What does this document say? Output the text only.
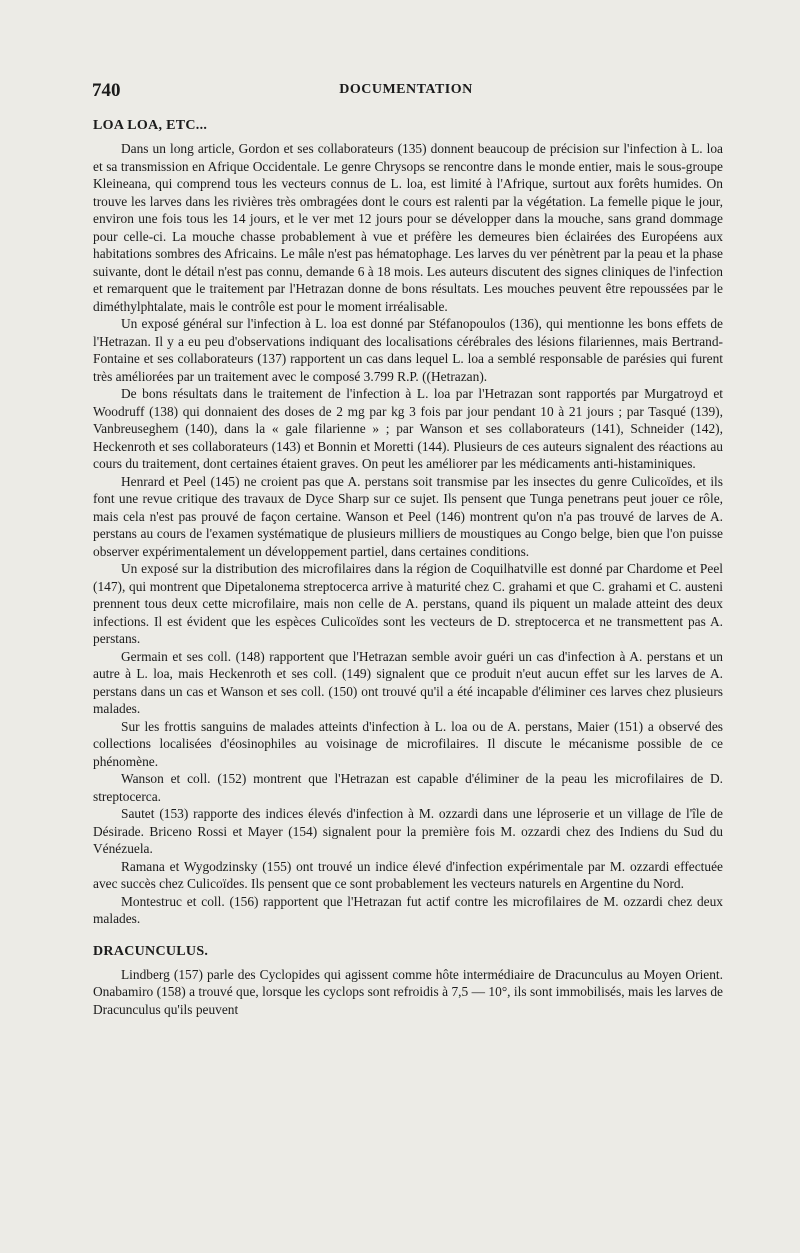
740	DOCUMENTATION
LOA LOA, ETC...

Dans un long article, Gordon et ses collaborateurs (135) donnent beaucoup de précision sur l'infection à L. loa et sa transmission en Afrique Occidentale. Le genre Chrysops se rencontre dans le monde entier, mais le sous-groupe Kleineana, qui comprend tous les vecteurs connus de L. loa, est limité à l'Afrique, surtout aux forêts humides. On trouve les larves dans les rivières très ombragées dont le cours est ralenti par la végétation. La femelle pique le jour, environ une fois tous les 14 jours, et le ver met 12 jours pour se développer dans la mouche, sans grand dommage pour celle-ci. La mouche chasse probablement à vue et préfère les demeures bien éclairées des Européens aux habitations sombres des Africains. Le mâle n'est pas hématophage. Les larves du ver pénètrent par la peau et la phase suivante, dont le détail n'est pas connu, demande 6 à 18 mois. Les auteurs discutent des signes cliniques de l'infection et remarquent que le traitement par l'Hetrazan donne de bons résultats. Les mouches peuvent être repoussées par le diméthylphtalate, mais le contrôle est pour le moment irréalisable.

Un exposé général sur l'infection à L. loa est donné par Stéfanopoulos (136), qui mentionne les bons effets de l'Hetrazan. Il y a eu peu d'observations indiquant des localisations cérébrales des lésions filariennes, mais Bertrand-Fontaine et ses collaborateurs (137) rapportent un cas dans lequel L. loa a semblé responsable de parésies qui furent très améliorées par un traitement avec le composé 3.799 R.P. ((Hetrazan).

De bons résultats dans le traitement de l'infection à L. loa par l'Hetrazan sont rapportés par Murgatroyd et Woodruff (138) qui donnaient des doses de 2 mg par kg 3 fois par jour pendant 10 à 21 jours ; par Tasqué (139), Vanbreuseghem (140), dans la « gale filarienne » ; par Wanson et ses collaborateurs (141), Schneider (142), Heckenroth et ses collaborateurs (143) et Bonnin et Moretti (144). Plusieurs de ces auteurs signalent des réactions au cours du traitement, dont certaines étaient graves. On peut les améliorer par les médicaments anti-histaminiques.

Henrard et Peel (145) ne croient pas que A. perstans soit transmise par les insectes du genre Culicoïdes, et ils font une revue critique des travaux de Dyce Sharp sur ce sujet. Ils pensent que Tunga penetrans peut jouer ce rôle, mais cela n'est pas prouvé de façon certaine. Wanson et Peel (146) montrent qu'on n'a pas trouvé de larves de A. perstans au cours de l'examen systématique de plusieurs milliers de moustiques au Congo belge, bien que l'on puisse observer expérimentalement un développement partiel, dans certaines conditions.

Un exposé sur la distribution des microfilaires dans la région de Coquilhatville est donné par Chardome et Peel (147), qui montrent que Dipetalonema streptocerca arrive à maturité chez C. grahami et que C. grahami et C. austeni prennent tous deux cette microfilaire, mais non celle de A. perstans, quand ils piquent un malade atteint des deux infections. Il est évident que les espèces Culicoïdes sont les vecteurs de D. streptocerca et ne transmettent pas A. perstans.

Germain et ses coll. (148) rapportent que l'Hetrazan semble avoir guéri un cas d'infection à A. perstans et un autre à L. loa, mais Heckenroth et ses coll. (149) signalent que ce produit n'eut aucun effet sur les larves de A. perstans dans un cas et Wanson et ses coll. (150) ont trouvé qu'il a été incapable d'éliminer ces larves chez plusieurs malades.

Sur les frottis sanguins de malades atteints d'infection à L. loa ou de A. perstans, Maier (151) a observé des collections localisées d'éosinophiles au voisinage de microfilaires. Il discute le mécanisme possible de ce phénomène.

Wanson et coll. (152) montrent que l'Hetrazan est capable d'éliminer de la peau les microfilaires de D. streptocerca.

Sautet (153) rapporte des indices élevés d'infection à M. ozzardi dans une léproserie et un village de l'île de Désirade. Briceno Rossi et Mayer (154) signalent pour la première fois M. ozzardi chez des Indiens du Sud du Vénézuela.

Ramana et Wygodzinsky (155) ont trouvé un indice élevé d'infection expérimentale par M. ozzardi effectuée avec succès chez Culicoïdes. Ils pensent que ce sont probablement les vecteurs naturels en Argentine du Nord.

Montestruc et coll. (156) rapportent que l'Hetrazan fut actif contre les microfilaires de M. ozzardi chez deux malades.

DRACUNCULUS.

Lindberg (157) parle des Cyclopides qui agissent comme hôte intermédiaire de Dracunculus au Moyen Orient. Onabamiro (158) a trouvé que, lorsque les cyclops sont refroidis à 7,5 — 10°, ils sont immobilisés, mais les larves de Dracunculus qu'ils peuvent
